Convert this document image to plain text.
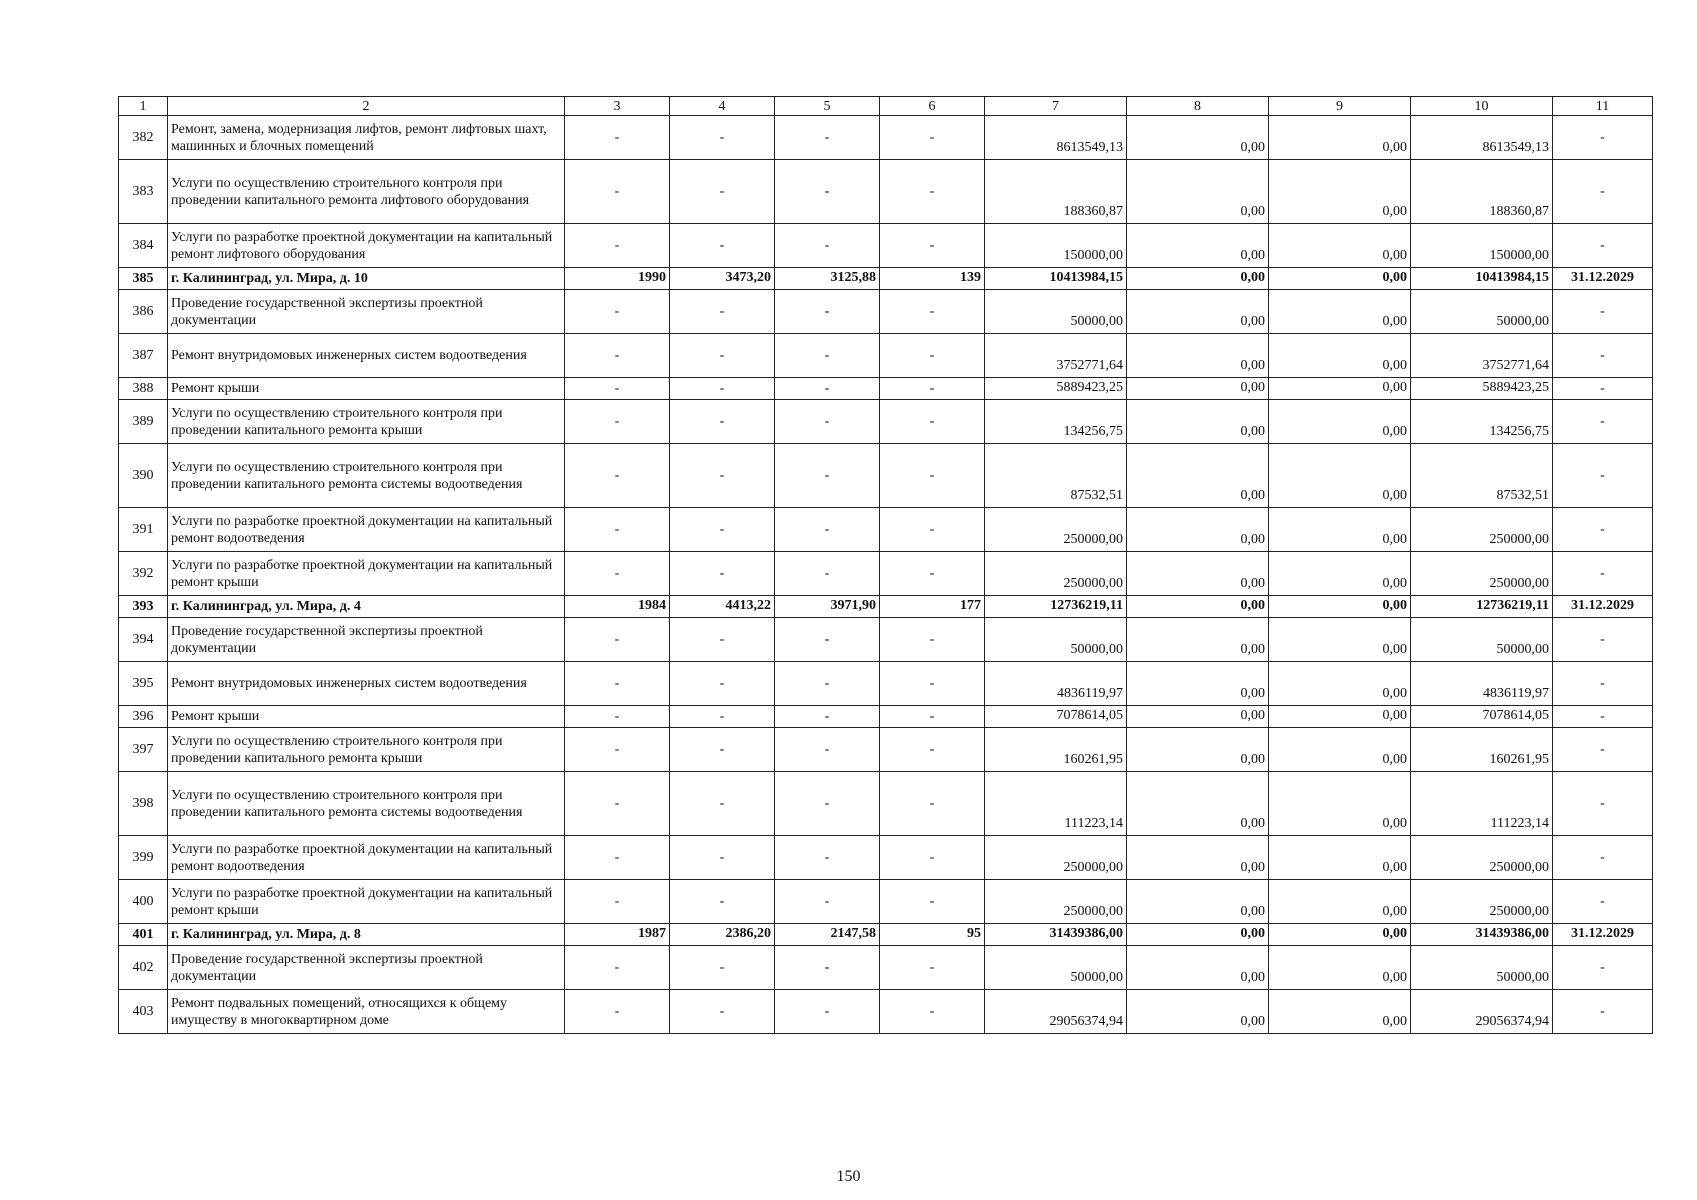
1	2	3	4	5	6	7	8	9	10	11
382	Ремонт, замена, модернизация лифтов, ремонт лифтовых шахт, машинных и блочных помещений	-	-	-	-	8613549,13	0,00	0,00	8613549,13	-
383	Услуги по осуществлению строительного контроля при проведении капитального ремонта лифтового оборудования	-	-	-	-	188360,87	0,00	0,00	188360,87	-
384	Услуги по разработке проектной документации на капитальный ремонт лифтового оборудования	-	-	-	-	150000,00	0,00	0,00	150000,00	-
385	г. Калининград, ул. Мира, д. 10	1990	3473,20	3125,88	139	10413984,15	0,00	0,00	10413984,15	31.12.2029
386	Проведение государственной экспертизы проектной документации	-	-	-	-	50000,00	0,00	0,00	50000,00	-
387	Ремонт внутридомовых инженерных систем водоотведения	-	-	-	-	3752771,64	0,00	0,00	3752771,64	-
388	Ремонт крыши	-	-	-	-	5889423,25	0,00	0,00	5889423,25	-
389	Услуги по осуществлению строительного контроля при проведении капитального ремонта крыши	-	-	-	-	134256,75	0,00	0,00	134256,75	-
390	Услуги по осуществлению строительного контроля при проведении капитального ремонта системы водоотведения	-	-	-	-	87532,51	0,00	0,00	87532,51	-
391	Услуги по разработке проектной документации на капитальный ремонт водоотведения	-	-	-	-	250000,00	0,00	0,00	250000,00	-
392	Услуги по разработке проектной документации на капитальный ремонт крыши	-	-	-	-	250000,00	0,00	0,00	250000,00	-
393	г. Калининград, ул. Мира, д. 4	1984	4413,22	3971,90	177	12736219,11	0,00	0,00	12736219,11	31.12.2029
394	Проведение государственной экспертизы проектной документации	-	-	-	-	50000,00	0,00	0,00	50000,00	-
395	Ремонт внутридомовых инженерных систем водоотведения	-	-	-	-	4836119,97	0,00	0,00	4836119,97	-
396	Ремонт крыши	-	-	-	-	7078614,05	0,00	0,00	7078614,05	-
397	Услуги по осуществлению строительного контроля при проведении капитального ремонта крыши	-	-	-	-	160261,95	0,00	0,00	160261,95	-
398	Услуги по осуществлению строительного контроля при проведении капитального ремонта системы водоотведения	-	-	-	-	111223,14	0,00	0,00	111223,14	-
399	Услуги по разработке проектной документации на капитальный ремонт водоотведения	-	-	-	-	250000,00	0,00	0,00	250000,00	-
400	Услуги по разработке проектной документации на капитальный ремонт крыши	-	-	-	-	250000,00	0,00	0,00	250000,00	-
401	г. Калининград, ул. Мира, д. 8	1987	2386,20	2147,58	95	31439386,00	0,00	0,00	31439386,00	31.12.2029
402	Проведение государственной экспертизы проектной документации	-	-	-	-	50000,00	0,00	0,00	50000,00	-
403	Ремонт подвальных помещений, относящихся к общему имуществу в многоквартирном доме	-	-	-	-	29056374,94	0,00	0,00	29056374,94	-
150
